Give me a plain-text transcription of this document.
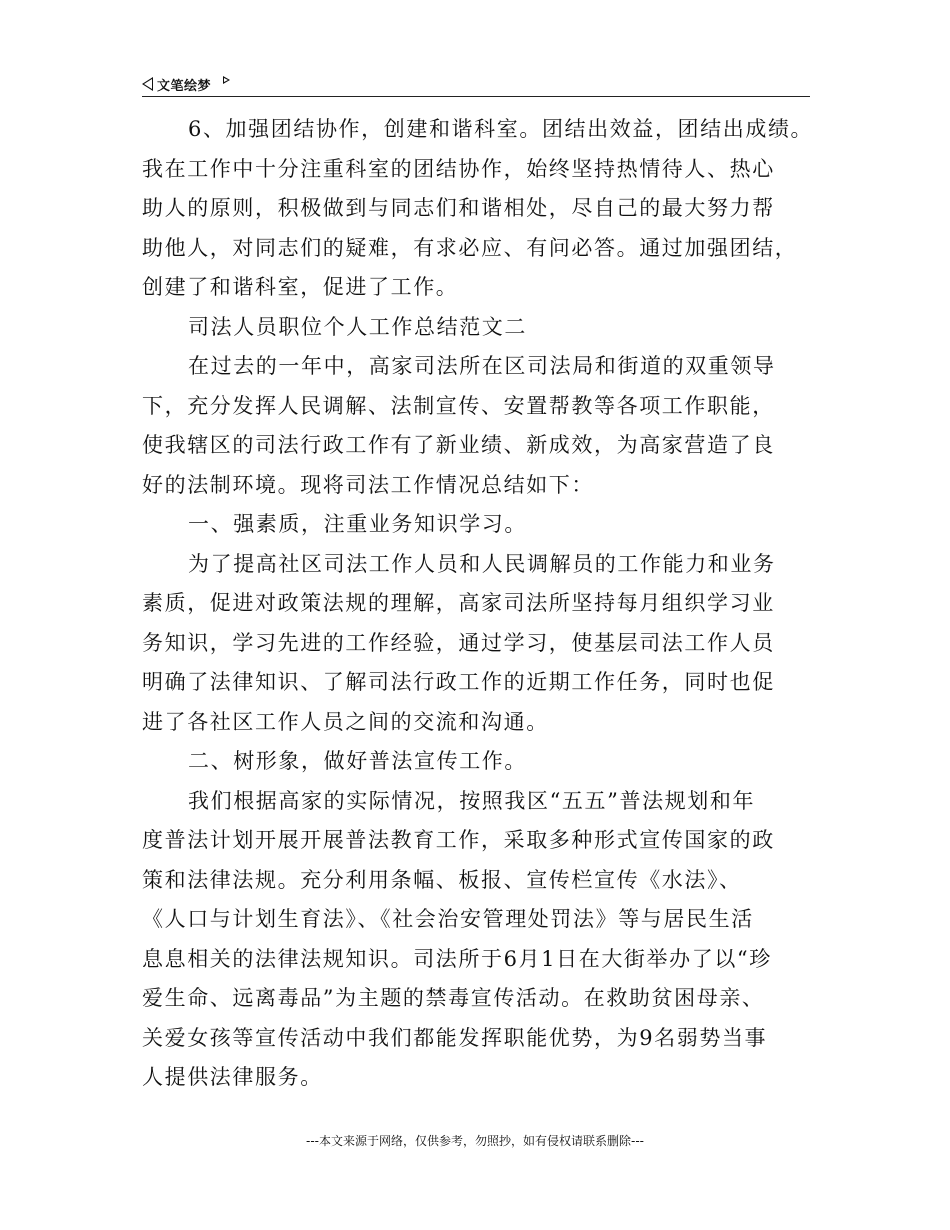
文笔绘梦
6、加强团结协作，创建和谐科室。团结出效益，团结出成绩。
我在工作中十分注重科室的团结协作，始终坚持热情待人、热心
助人的原则，积极做到与同志们和谐相处，尽自己的最大努力帮
助他人，对同志们的疑难，有求必应、有问必答。通过加强团结，
创建了和谐科室，促进了工作。
司法人员职位个人工作总结范文二
在过去的一年中，高家司法所在区司法局和街道的双重领导
下，充分发挥人民调解、法制宣传、安置帮教等各项工作职能，
使我辖区的司法行政工作有了新业绩、新成效，为高家营造了良
好的法制环境。现将司法工作情况总结如下：
一、强素质，注重业务知识学习。
为了提高社区司法工作人员和人民调解员的工作能力和业务
素质，促进对政策法规的理解，高家司法所坚持每月组织学习业
务知识，学习先进的工作经验，通过学习，使基层司法工作人员
明确了法律知识、了解司法行政工作的近期工作任务，同时也促
进了各社区工作人员之间的交流和沟通。
二、树形象，做好普法宣传工作。
我们根据高家的实际情况，按照我区“五五”普法规划和年
度普法计划开展开展普法教育工作，采取多种形式宣传国家的政
策和法律法规。充分利用条幅、板报、宣传栏宣传《水法》、
《人口与计划生育法》、《社会治安管理处罚法》等与居民生活
息息相关的法律法规知识。司法所于6月1日在大街举办了以“珍
爱生命、远离毒品”为主题的禁毒宣传活动。在救助贫困母亲、
关爱女孩等宣传活动中我们都能发挥职能优势，为9名弱势当事
人提供法律服务。
---本文来源于网络，仅供参考，勿照抄，如有侵权请联系删除---
